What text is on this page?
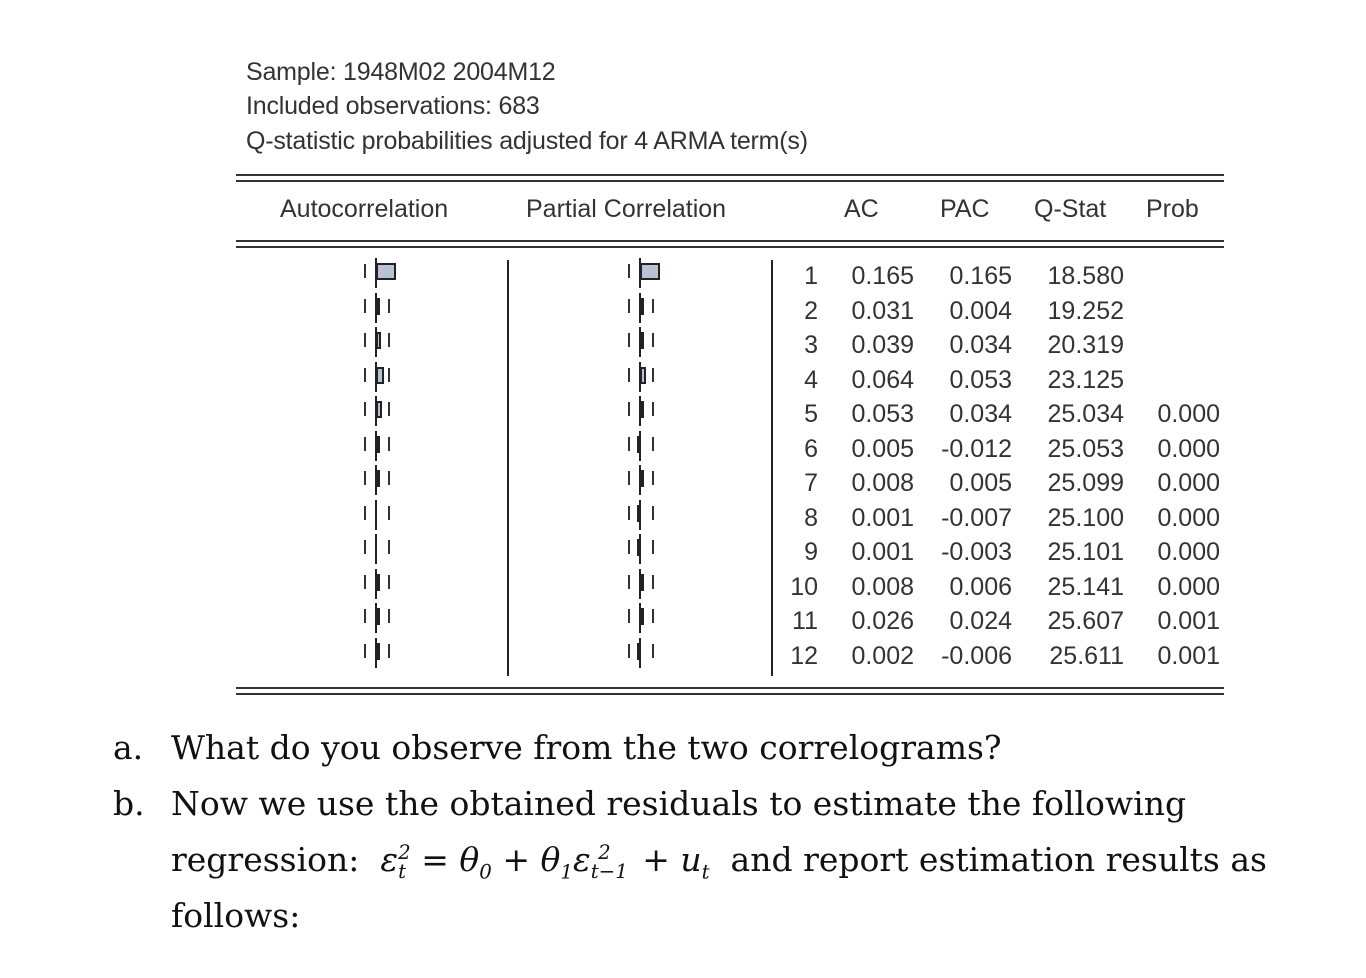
Sample: 1948M02 2004M12
Included observations: 683
Q-statistic probabilities adjusted for 4 ARMA term(s)
Autocorrelation	Partial Correlation	AC PAC Q-Stat Prob
1	0.165	0.165	18.580
2	0.031	0.004	19.252
3	0.039	0.034	20.319
4	0.064	0.053	23.125
5	0.053	0.034	25.034	0.000
6	0.005	-0.012	25.053	0.000
7	0.008	0.005	25.099	0.000
8	0.001	-0.007	25.100	0.000
9	0.001	-0.003	25.101	0.000
10	0.008	0.006	25.141	0.000
11	0.026	0.024	25.607	0.001
12	0.002	-0.006	25.611	0.001
a. What do you observe from the two correlograms?
b. Now we use the obtained residuals to estimate the following
regression:  $\varepsilon_t^2 = \theta_0 + \theta_1\varepsilon_{t-1}^2 + u_t$ and report estimation results as
follows:
